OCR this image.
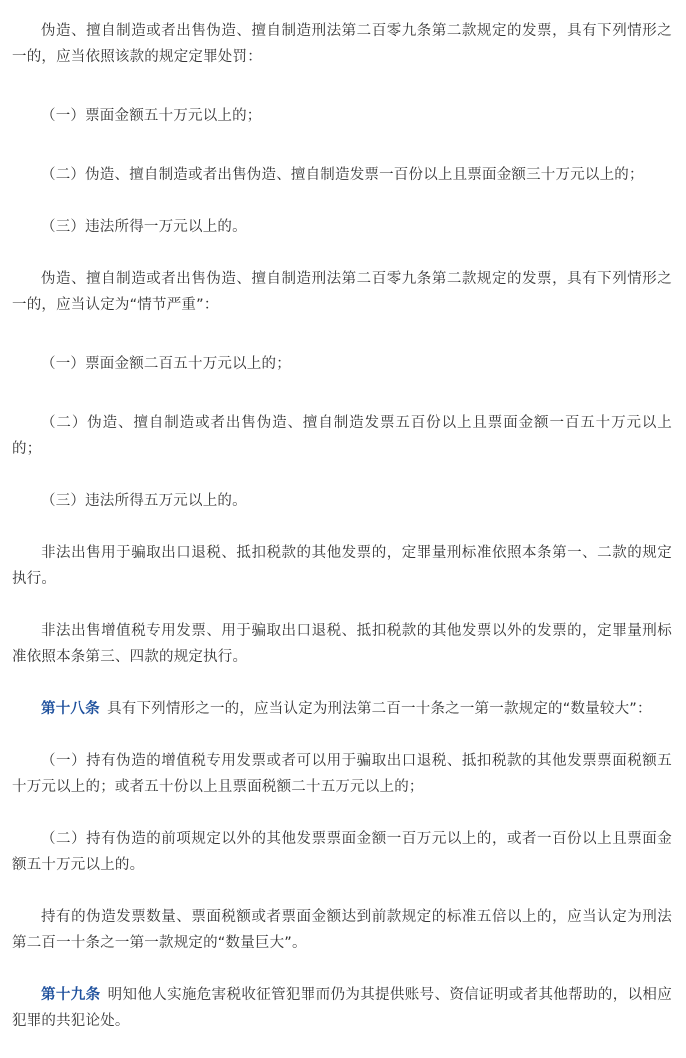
伪造、擅自制造或者出售伪造、擅自制造刑法第二百零九条第二款规定的发票，具有下列情形之一的，应当依照该款的规定定罪处罚：

（一）票面金额五十万元以上的；

（二）伪造、擅自制造或者出售伪造、擅自制造发票一百份以上且票面金额三十万元以上的；

（三）违法所得一万元以上的。

伪造、擅自制造或者出售伪造、擅自制造刑法第二百零九条第二款规定的发票，具有下列情形之一的，应当认定为“情节严重”：

（一）票面金额二百五十万元以上的；

（二）伪造、擅自制造或者出售伪造、擅自制造发票五百份以上且票面金额一百五十万元以上的；

（三）违法所得五万元以上的。

非法出售用于骗取出口退税、抵扣税款的其他发票的，定罪量刑标准依照本条第一、二款的规定执行。

非法出售增值税专用发票、用于骗取出口退税、抵扣税款的其他发票以外的发票的，定罪量刑标准依照本条第三、四款的规定执行。

第十八条 具有下列情形之一的，应当认定为刑法第二百一十条之一第一款规定的“数量较大”：

（一）持有伪造的增值税专用发票或者可以用于骗取出口退税、抵扣税款的其他发票票面税额五十万元以上的；或者五十份以上且票面税额二十五万元以上的；

（二）持有伪造的前项规定以外的其他发票票面金额一百万元以上的，或者一百份以上且票面金额五十万元以上的。

持有的伪造发票数量、票面税额或者票面金额达到前款规定的标准五倍以上的，应当认定为刑法第二百一十条之一第一款规定的“数量巨大”。

第十九条 明知他人实施危害税收征管犯罪而仍为其提供账号、资信证明或者其他帮助的，以相应犯罪的共犯论处。
